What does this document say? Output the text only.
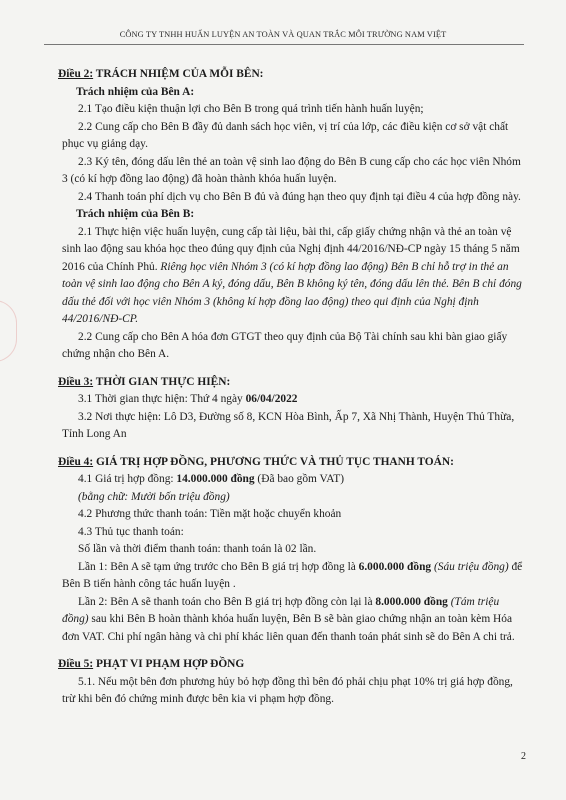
CÔNG TY TNHH HUẤN LUYỆN AN TOÀN VÀ QUAN TRẮC MÔI TRƯỜNG NAM VIỆT
Điều 2: TRÁCH NHIỆM CỦA MỖI BÊN:
Trách nhiệm của Bên A:

2.1 Tạo điều kiện thuận lợi cho Bên B trong quá trình tiến hành huấn luyện;

2.2 Cung cấp cho Bên B đầy đủ danh sách học viên, vị trí của lớp, các điều kiện cơ sở vật chất phục vụ giảng dạy.

2.3 Ký tên, đóng dấu lên thẻ an toàn vệ sinh lao động do Bên B cung cấp cho các học viên Nhóm 3 (có kí hợp đồng lao động) đã hoàn thành khóa huấn luyện.

2.4 Thanh toán phí dịch vụ cho Bên B đủ và đúng hạn theo quy định tại điều 4 của hợp đồng này.

Trách nhiệm của Bên B:

2.1 Thực hiện việc huấn luyện, cung cấp tài liệu, bài thi, cấp giấy chứng nhận và thẻ an toàn vệ sinh lao động sau khóa học theo đúng quy định của Nghị định 44/2016/NĐ-CP ngày 15 tháng 5 năm 2016 của Chính Phủ. Riêng học viên Nhóm 3 (có kí hợp đồng lao động) Bên B chỉ hỗ trợ in thẻ an toàn vệ sinh lao động cho Bên A ký, đóng dấu, Bên B không ký tên, đóng dấu lên thẻ. Bên B chỉ đóng dấu thẻ đối với học viên Nhóm 3 (không kí hợp đồng lao động) theo qui định của Nghị định 44/2016/NĐ-CP.

2.2 Cung cấp cho Bên A hóa đơn GTGT theo quy định của Bộ Tài chính sau khi bàn giao giấy chứng nhận cho Bên A.

Điều 3: THỜI GIAN THỰC HIỆN:

3.1 Thời gian thực hiện: Thứ 4 ngày 06/04/2022

3.2 Nơi thực hiện: Lô D3, Đường số 8, KCN Hòa Bình, Ấp 7, Xã Nhị Thành, Huyện Thủ Thừa, Tỉnh Long An

Điều 4: GIÁ TRỊ HỢP ĐỒNG, PHƯƠNG THỨC VÀ THỦ TỤC THANH TOÁN:

4.1 Giá trị hợp đồng: 14.000.000 đồng (Đã bao gồm VAT)

(bằng chữ: Mười bốn triệu đồng)

4.2 Phương thức thanh toán: Tiền mặt hoặc chuyển khoản

4.3 Thủ tục thanh toán:

Số lần và thời điểm thanh toán: thanh toán là 02 lần.

Lần 1: Bên A sẽ tạm ứng trước cho Bên B giá trị hợp đồng là 6.000.000 đồng (Sáu triệu đồng) để Bên B tiến hành công tác huấn luyện .

Lần 2: Bên A sẽ thanh toán cho Bên B giá trị hợp đồng còn lại là 8.000.000 đồng (Tám triệu đồng) sau khi Bên B hoàn thành khóa huấn luyện, Bên B sẽ bàn giao chứng nhận an toàn kèm Hóa đơn VAT. Chi phí ngân hàng và chi phí khác liên quan đến thanh toán phát sinh sẽ do Bên A chi trả.

Điều 5: PHẠT VI PHẠM HỢP ĐỒNG

5.1. Nếu một bên đơn phương hủy bỏ hợp đồng thì bên đó phải chịu phạt 10% trị giá hợp đồng, trừ khi bên đó chứng minh được bên kia vi phạm hợp đồng.

2
